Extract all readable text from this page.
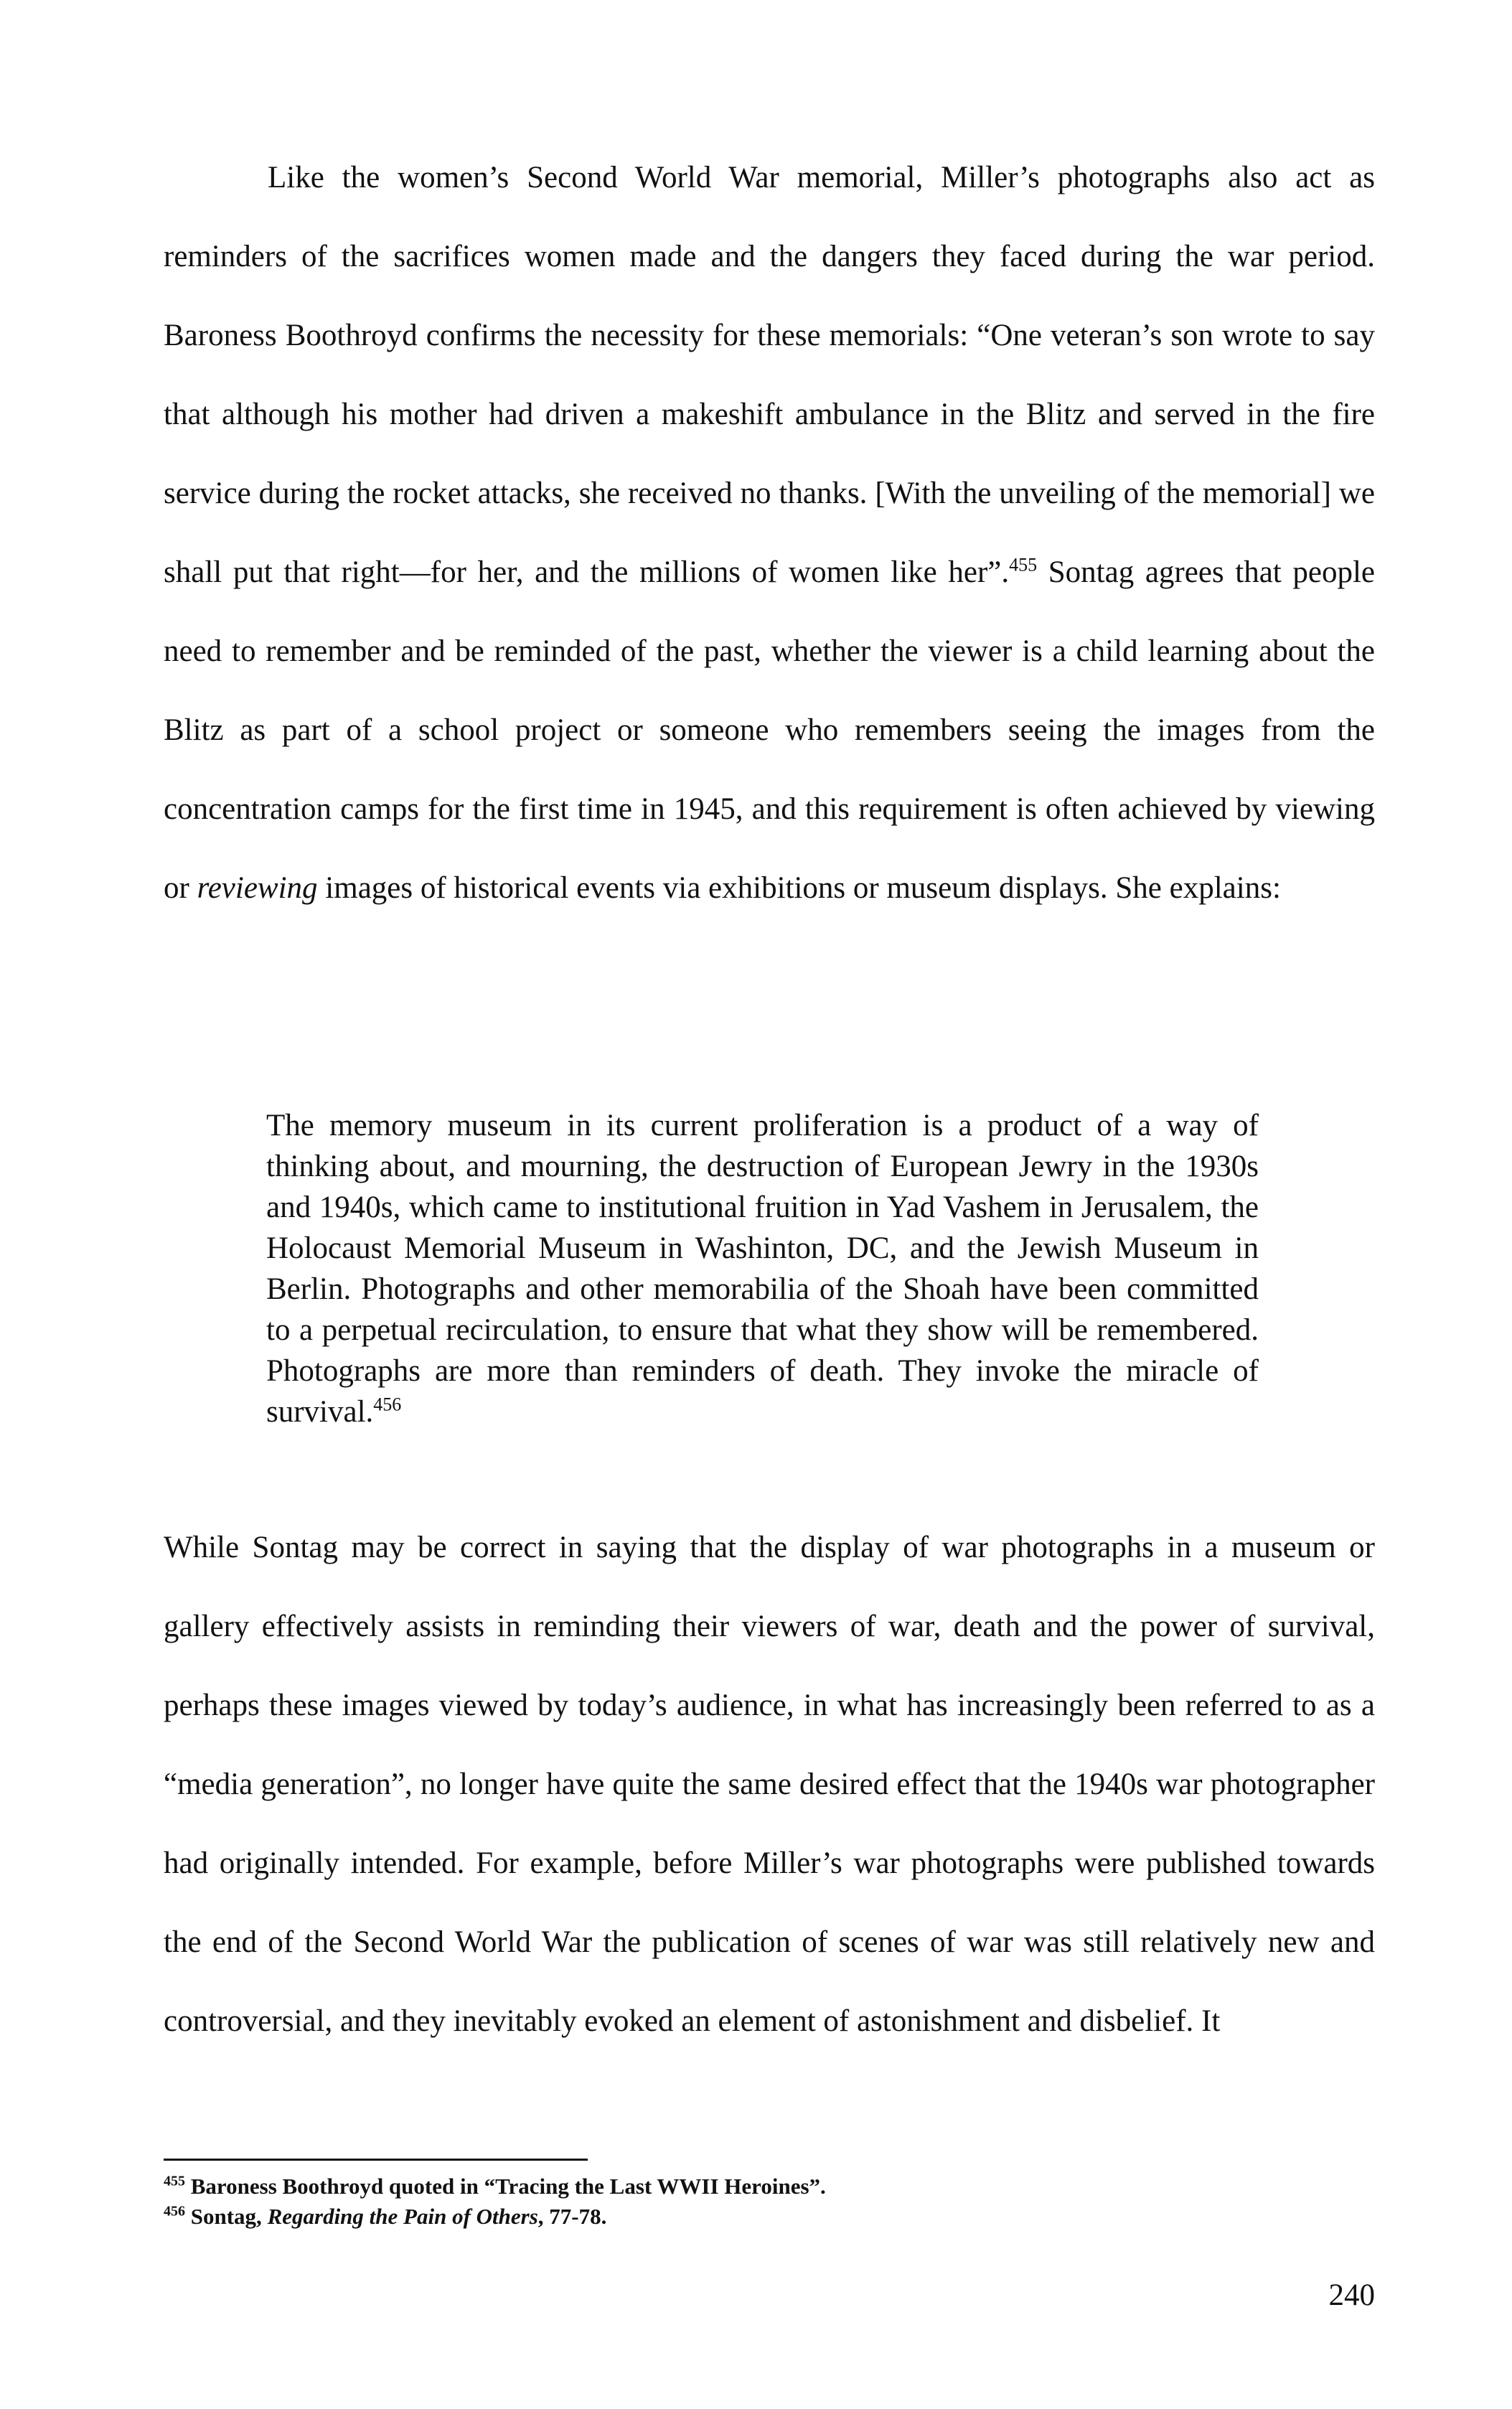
Like the women’s Second World War memorial, Miller’s photographs also act as reminders of the sacrifices women made and the dangers they faced during the war period. Baroness Boothroyd confirms the necessity for these memorials: “One veteran’s son wrote to say that although his mother had driven a makeshift ambulance in the Blitz and served in the fire service during the rocket attacks, she received no thanks. [With the unveiling of the memorial] we shall put that right—for her, and the millions of women like her”.$^{455}$ Sontag agrees that people need to remember and be reminded of the past, whether the viewer is a child learning about the Blitz as part of a school project or someone who remembers seeing the images from the concentration camps for the first time in 1945, and this requirement is often achieved by viewing or reviewing images of historical events via exhibitions or museum displays. She explains:

The memory museum in its current proliferation is a product of a way of thinking about, and mourning, the destruction of European Jewry in the 1930s and 1940s, which came to institutional fruition in Yad Vashem in Jerusalem, the Holocaust Memorial Museum in Washinton, DC, and the Jewish Museum in Berlin. Photographs and other memorabilia of the Shoah have been committed to a perpetual recirculation, to ensure that what they show will be remembered. Photographs are more than reminders of death. They invoke the miracle of survival.$^{456}$

While Sontag may be correct in saying that the display of war photographs in a museum or gallery effectively assists in reminding their viewers of war, death and the power of survival, perhaps these images viewed by today’s audience, in what has increasingly been referred to as a “media generation”, no longer have quite the same desired effect that the 1940s war photographer had originally intended. For example, before Miller’s war photographs were published towards the end of the Second World War the publication of scenes of war was still relatively new and controversial, and they inevitably evoked an element of astonishment and disbelief. It

$^{455}$ Baroness Boothroyd quoted in “Tracing the Last WWII Heroines”.
$^{456}$ Sontag, Regarding the Pain of Others, 77-78.
240
